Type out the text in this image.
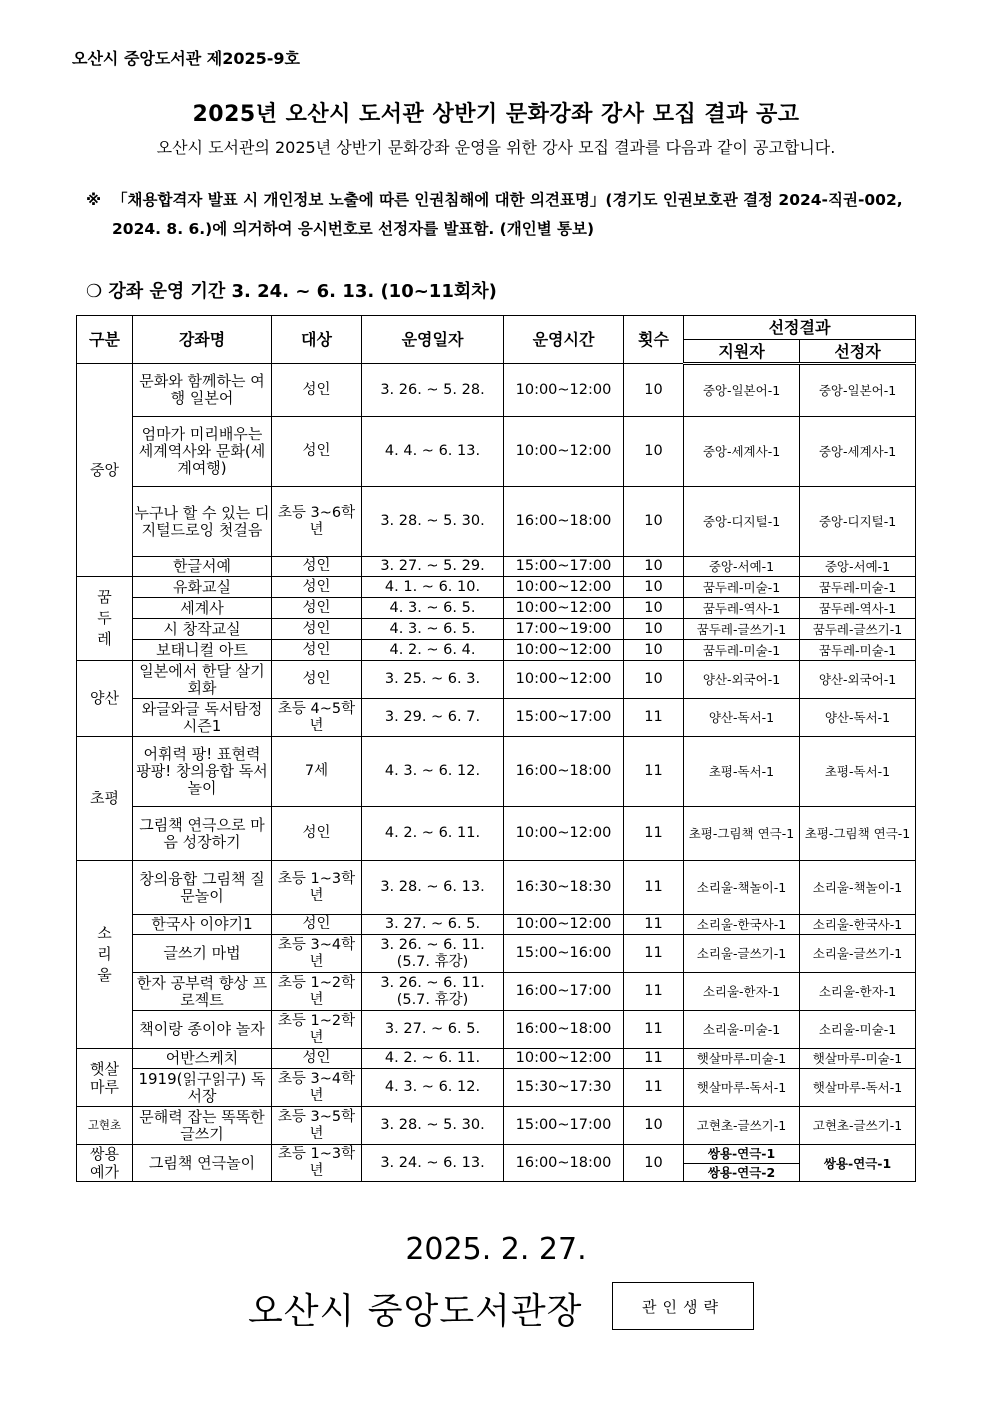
오산시 중앙도서관 제2025-9호
2025년 오산시 도서관 상반기 문화강좌 강사 모집 결과 공고
오산시 도서관의 2025년 상반기 문화강좌 운영을 위한 강사 모집 결과를 다음과 같이 공고합니다.
※ 「채용합격자 발표 시 개인정보 노출에 따른 인권침해에 대한 의견표명」(경기도 인권보호관 결정 2024-직권-002, 2024. 8. 6.)에 의거하여 응시번호로 선정자를 발표함. (개인별 통보)
❍ 강좌 운영 기간 3. 24. ~ 6. 13. (10~11회차)
구분	강좌명	대상	운영일자	운영시간	횟수	선정결과	
						지원자	선정자
중앙	문화와 함께하는 여행 일본어	성인	3. 26. ~ 5. 28.	10:00~12:00	10	중앙-일본어-1	중앙-일본어-1
	엄마가 미리배우는 세계역사와 문화(세계여행)	성인	4. 4. ~ 6. 13.	10:00~12:00	10	중앙-세계사-1	중앙-세계사-1
	누구나 할 수 있는 디지털드로잉 첫걸음	초등 3~6학년	3. 28. ~ 5. 30.	16:00~18:00	10	중앙-디지털-1	중앙-디지털-1
	한글서예	성인	3. 27. ~ 5. 29.	15:00~17:00	10	중앙-서예-1	중앙-서예-1

꿈두레	유화교실	성인	4. 1. ~ 6. 10.	10:00~12:00	10	꿈두레-미술-1	꿈두레-미술-1
	세계사	성인	4. 3. ~ 6. 5.	10:00~12:00	10	꿈두레-역사-1	꿈두레-역사-1
	시 창작교실	성인	4. 3. ~ 6. 5.	17:00~19:00	10	꿈두레-글쓰기-1	꿈두레-글쓰기-1
	보태니컬 아트	성인	4. 2. ~ 6. 4.	10:00~12:00	10	꿈두레-미술-1	꿈두레-미술-1
양산	일본에서 한달 살기 회화	성인	3. 25. ~ 6. 3.	10:00~12:00	10	양산-외국어-1	양산-외국어-1
	와글와글 독서탐정 시즌1	초등 4~5학년	3. 29. ~ 6. 7.	15:00~17:00	11	양산-독서-1	양산-독서-1
초평	어휘력 팡! 표현력 팡팡! 창의융합 독서놀이	7세	4. 3. ~ 6. 12.	16:00~18:00	11	초평-독서-1	초평-독서-1
	그림책 연극으로 마음 성장하기	성인	4. 2. ~ 6. 11.	10:00~12:00	11	초평-그림책 연극-1	초평-그림책 연극-1

소리울	창의융합 그림책 질문놀이	초등 1~3학년	3. 28. ~ 6. 13.	16:30~18:30	11	소리울-책놀이-1	소리울-책놀이-1
	한국사 이야기1	성인	3. 27. ~ 6. 5.	10:00~12:00	11	소리울-한국사-1	소리울-한국사-1
	글쓰기 마법	초등 3~4학년	3. 26. ~ 6. 11. (5.7. 휴강)	15:00~16:00	11	소리울-글쓰기-1	소리울-글쓰기-1
	한자 공부력 향상 프로젝트	초등 1~2학년	3. 26. ~ 6. 11. (5.7. 휴강)	16:00~17:00	11	소리울-한자-1	소리울-한자-1
	책이랑 종이야 놀자	초등 1~2학년	3. 27. ~ 6. 5.	16:00~18:00	11	소리울-미술-1	소리울-미술-1

햇살마루	어반스케치	성인	4. 2. ~ 6. 11.	10:00~12:00	11	햇살마루-미술-1	햇살마루-미술-1
	1919(읽구읽구) 독서장	초등 3~4학년	4. 3. ~ 6. 12.	15:30~17:30	11	햇살마루-독서-1	햇살마루-독서-1
고현초	문해력 잡는 똑똑한 글쓰기	초등 3~5학년	3. 28. ~ 5. 30.	15:00~17:00	10	고현초-글쓰기-1	고현초-글쓰기-1

쌍용예가	그림책 연극놀이	초등 1~3학년	3. 24. ~ 6. 13.	16:00~18:00	10	쌍용-연극-1	쌍용-연극-1
						쌍용-연극-2	
2025. 2. 27.
오산시 중앙도서관장	관인생략
